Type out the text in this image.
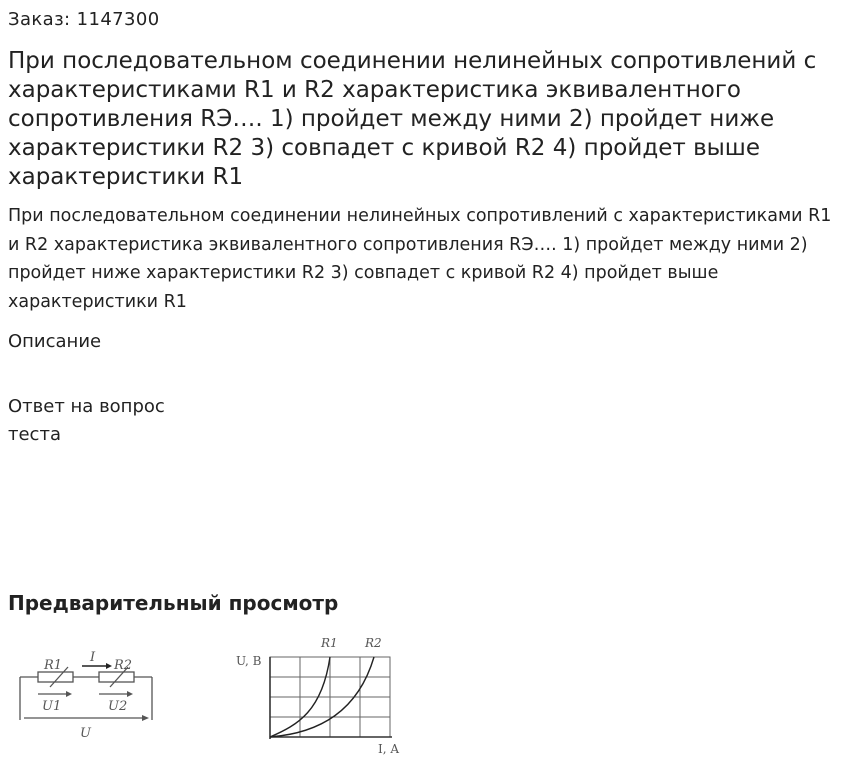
Заказ: 1147300
При последовательном соединении нелинейных сопротивлений с характеристиками R1 и R2 характеристика эквивалентного сопротивления RЭ…. 1) пройдет между ними 2) пройдет ниже характеристики R2 3) совпадет с кривой R2 4) пройдет выше характеристики R1

При последовательном соединении нелинейных сопротивлений с характеристиками R1 и R2 характеристика эквивалентного сопротивления RЭ…. 1) пройдет между ними 2) пройдет ниже характеристики R2 3) совпадет с кривой R2 4) пройдет выше характеристики R1

Описание
Ответ на вопрос теста
Предварительный просмотр
R1
I
R2
U1	U2
U
U, B
I, A
R1 R2
